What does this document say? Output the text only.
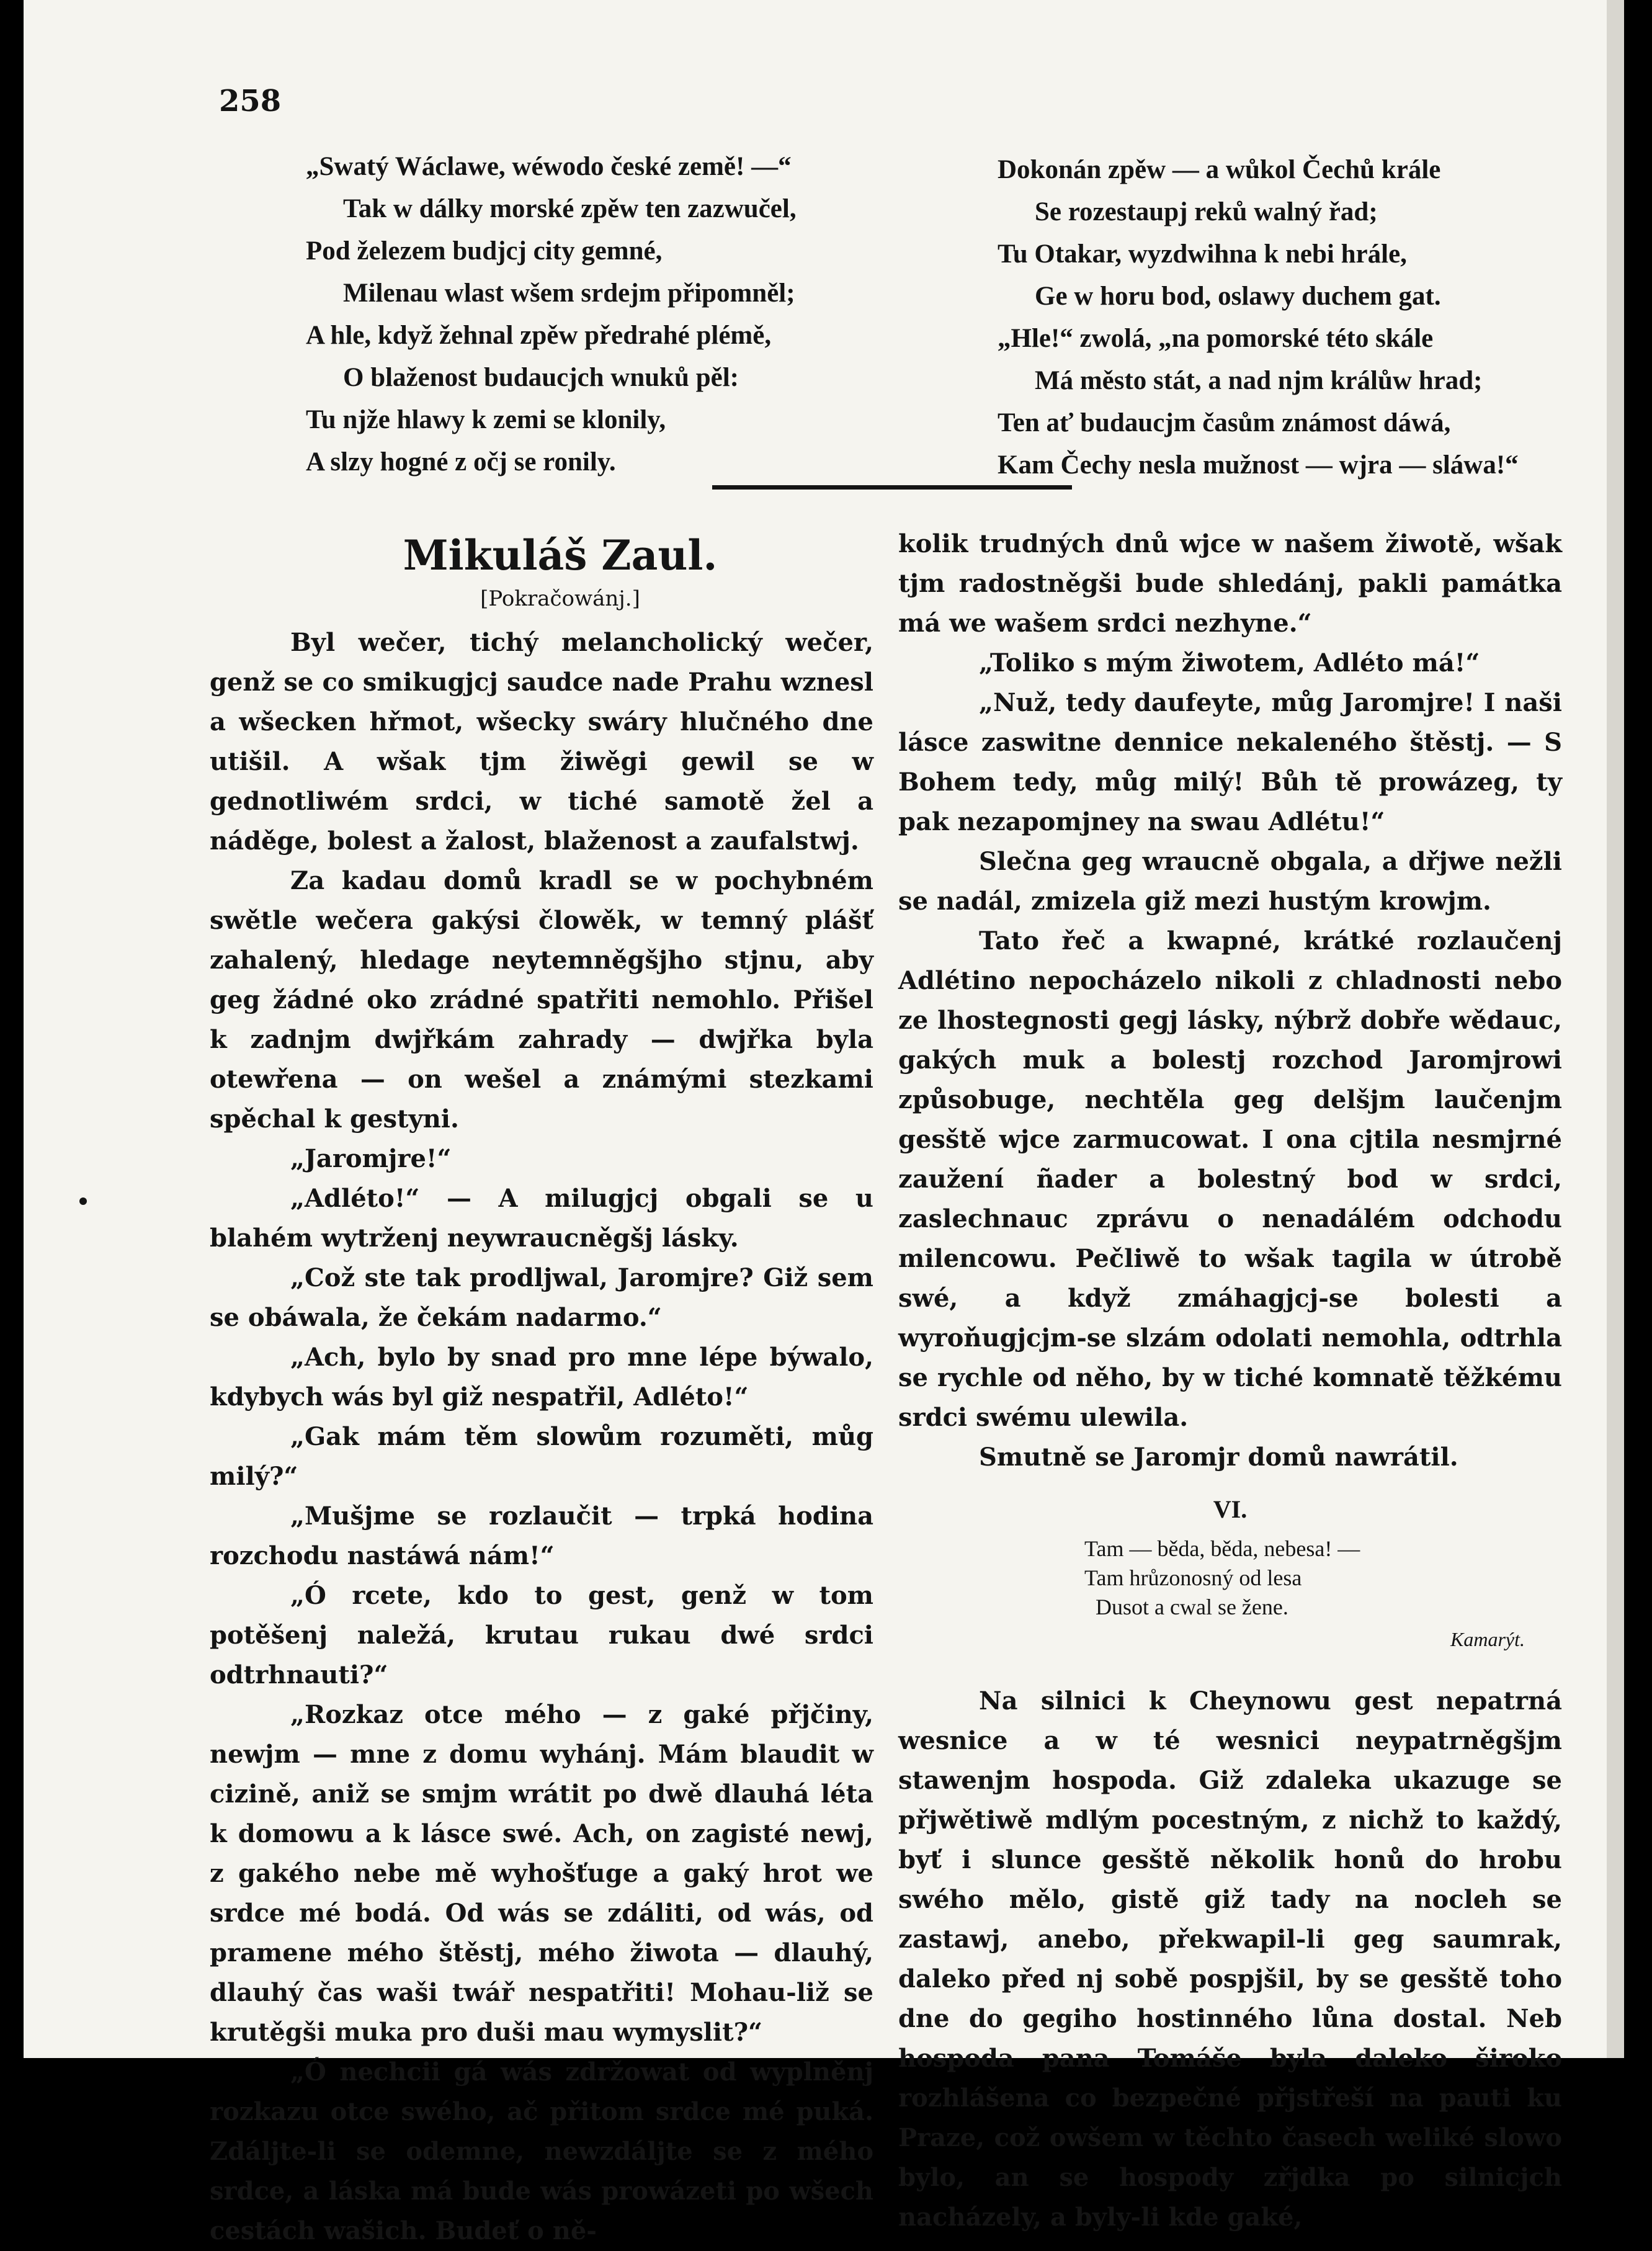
258
„Swatý Wáclawe, wéwodo české země! —“
Tak w dálky morské zpěw ten zazwučel,
Pod železem budjcj city gemné,
Milenau wlast wšem srdejm připomněl;
A hle, když žehnal zpěw předrahé plémě,
O blaženost budaucjch wnuků pěl:
Tu njže hlawy k zemi se klonily,
A slzy hogné z očj se ronily.
Dokonán zpěw — a wůkol Čechů krále
Se rozestaupj reků walný řad;
Tu Otakar, wyzdwihna k nebi hrále,
Ge w horu bod, oslawy duchem gat.
„Hle!“ zwolá, „na pomorské této skále
Má město stát, a nad njm králůw hrad;
Ten ať budaucjm časům známost dáwá,
Kam Čechy nesla mužnost — wjra — sláwa!“
Mikuláš Zaul.
[Pokračowánj.]

Byl wečer, tichý melancholický wečer, genž se co smikugjcj saudce nade Prahu wznesl a wšecken hřmot, wšecky swáry hlučného dne utišil. A wšak tjm žiwěgi gewil se w gednotliwém srdci, w tiché samotě žel a náděge, bolest a žalost, blaženost a zaufalstwj.

Za kadau domů kradl se w pochybném swětle wečera gakýsi člowěk, w temný plášť zahalený, hledage neytemněgšjho stjnu, aby geg žádné oko zrádné spatřiti nemohlo. Přišel k zadnjm dwjřkám zahrady — dwjřka byla otewřena — on wešel a známými stezkami spěchal k gestyni.

„Jaromjre!“

„Adléto!“ — A milugjcj obgali se u blahém wytrženj neywraucněgšj lásky.

„Což ste tak prodljwal, Jaromjre? Giž sem se obáwala, že čekám nadarmo.“

„Ach, bylo by snad pro mne lépe býwalo, kdybych wás byl giž nespatřil, Adléto!“

„Gak mám těm slowům rozuměti, můg milý?“

„Mušjme se rozlaučit — trpká hodina rozchodu nastáwá nám!“

„Ó rcete, kdo to gest, genž w tom potěšenj naležá, krutau rukau dwé srdci odtrhnauti?“

„Rozkaz otce mého — z gaké přjčiny, newjm — mne z domu wyhánj. Mám blaudit w cizině, aniž se smjm wrátit po dwě dlauhá léta k domowu a k lásce swé. Ach, on zagisté newj, z gakého nebe mě wyhošťuge a gaký hrot we srdce mé bodá. Od wás se zdáliti, od wás, od pramene mého štěstj, mého žiwota — dlauhý, dlauhý čas waši twář nespatřiti! Mohau-liž se krutěgši muka pro duši mau wymyslit?“

„Ó nechcii gá wás zdržowat od wyplněnj rozkazu otce swého, ač přitom srdce mé puká. Zdáljte-li se odemne, newzdáljte se z mého srdce, a láska má bude wás prowázeti po wšech cestách wašich. Budeť o ně-

kolik trudných dnů wjce w našem žiwotě, wšak tjm radostněgši bude shledánj, pakli památka má we wašem srdci nezhyne.“

„Toliko s mým žiwotem, Adléto má!“

„Nuž, tedy daufeyte, můg Jaromjre! I naši lásce zaswitne dennice nekaleného štěstj. — S Bohem tedy, můg milý! Bůh tě prowázeg, ty pak nezapomjney na swau Adlétu!“

Slečna geg wraucně obgala, a dřjwe nežli se nadál, zmizela giž mezi hustým krowjm.

Tato řeč a kwapné, krátké rozlaučenj Adlétino nepocházelo nikoli z chladnosti nebo ze lhostegnosti gegj lásky, nýbrž dobře wědauc, gakých muk a bolestj rozchod Jaromjrowi způsobuge, nechtěla geg delšjm laučenjm gesště wjce zarmucowat. I ona cjtila nesmjrné zaužení ñader a bolestný bod w srdci, zaslechnauc zprávu o nenadálém odchodu milencowu. Pečliwě to wšak tagila w útrobě swé, a když zmáhagjcj-se bolesti a wyroňugjcjm-se slzám odolati nemohla, odtrhla se rychle od něho, by w tiché komnatě těžkému srdci swému ulewila.

Smutně se Jaromjr domů nawrátil.

VI.
Tam — běda, běda, nebesa! —
Tam hrůzonosný od lesa
Dusot a cwal se žene.
Kamarýt.

Na silnici k Cheynowu gest nepatrná wesnice a w té wesnici neypatrněgšjm stawenjm hospoda. Giž zdaleka ukazuge se přjwětiwě mdlým pocestným, z nichž to každý, byť i slunce gesště několik honů do hrobu swého mělo, gistě giž tady na nocleh se zastawj, anebo, překwapil-li geg saumrak, daleko před nj sobě pospjšil, by se gesště toho dne do gegiho hostinného lůna dostal. Neb hospoda pana Tomáše byla daleko široko rozhlášena co bezpečné přjstřeší na pauti ku Praze, což owšem w těchto časech weliké slowo bylo, an se hospody zřjdka po silnicjch nacházely, a byly-li kde gaké,
